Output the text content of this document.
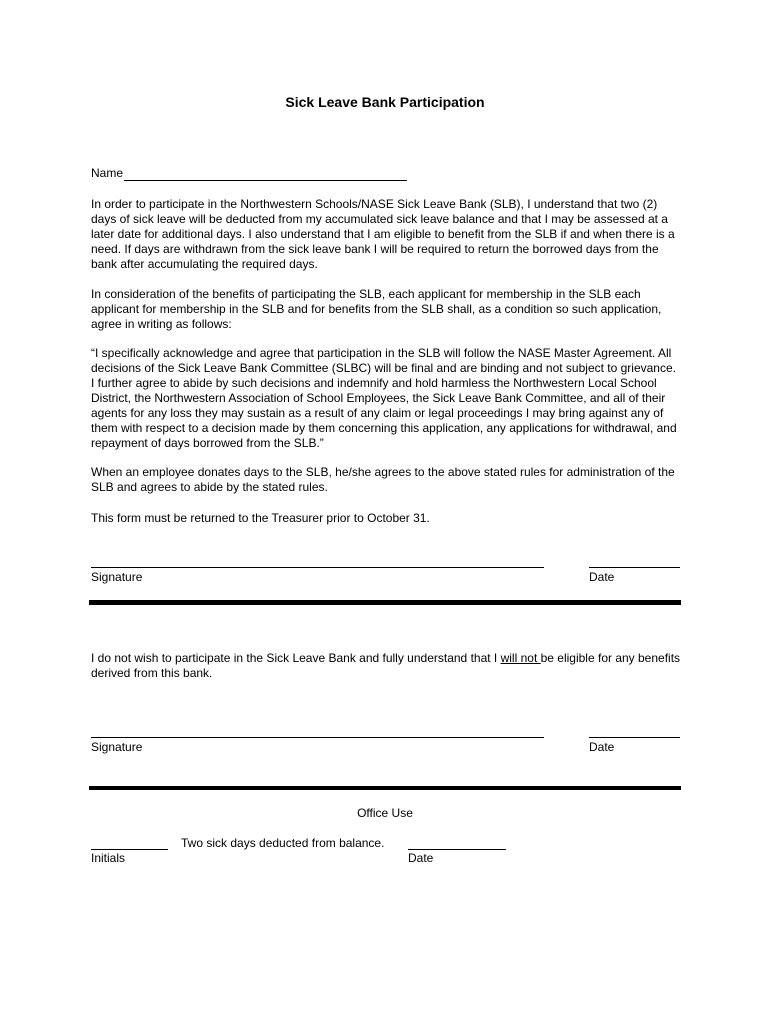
Sick Leave Bank Participation
Name

In order to participate in the Northwestern Schools/NASE Sick Leave Bank (SLB), I understand that two (2) days of sick leave will be deducted from my accumulated sick leave balance and that I may be assessed at a later date for additional days. I also understand that I am eligible to benefit from the SLB if and when there is a need. If days are withdrawn from the sick leave bank I will be required to return the borrowed days from the bank after accumulating the required days.

In consideration of the benefits of participating the SLB, each applicant for membership in the SLB each applicant for membership in the SLB and for benefits from the SLB shall, as a condition so such application, agree in writing as follows:

“I specifically acknowledge and agree that participation in the SLB will follow the NASE Master Agreement. All decisions of the Sick Leave Bank Committee (SLBC) will be final and are binding and not subject to grievance. I further agree to abide by such decisions and indemnify and hold harmless the Northwestern Local School District, the Northwestern Association of School Employees, the Sick Leave Bank Committee, and all of their agents for any loss they may sustain as a result of any claim or legal proceedings I may bring against any of them with respect to a decision made by them concerning this application, any applications for withdrawal, and repayment of days borrowed from the SLB.”

When an employee donates days to the SLB, he/she agrees to the above stated rules for administration of the SLB and agrees to abide by the stated rules.

This form must be returned to the Treasurer prior to October 31.

Signature	Date

I do not wish to participate in the Sick Leave Bank and fully understand that I will not be eligible for any benefits derived from this bank.

Signature	Date
Office Use
Two sick days deducted from balance.
Initials	Date
